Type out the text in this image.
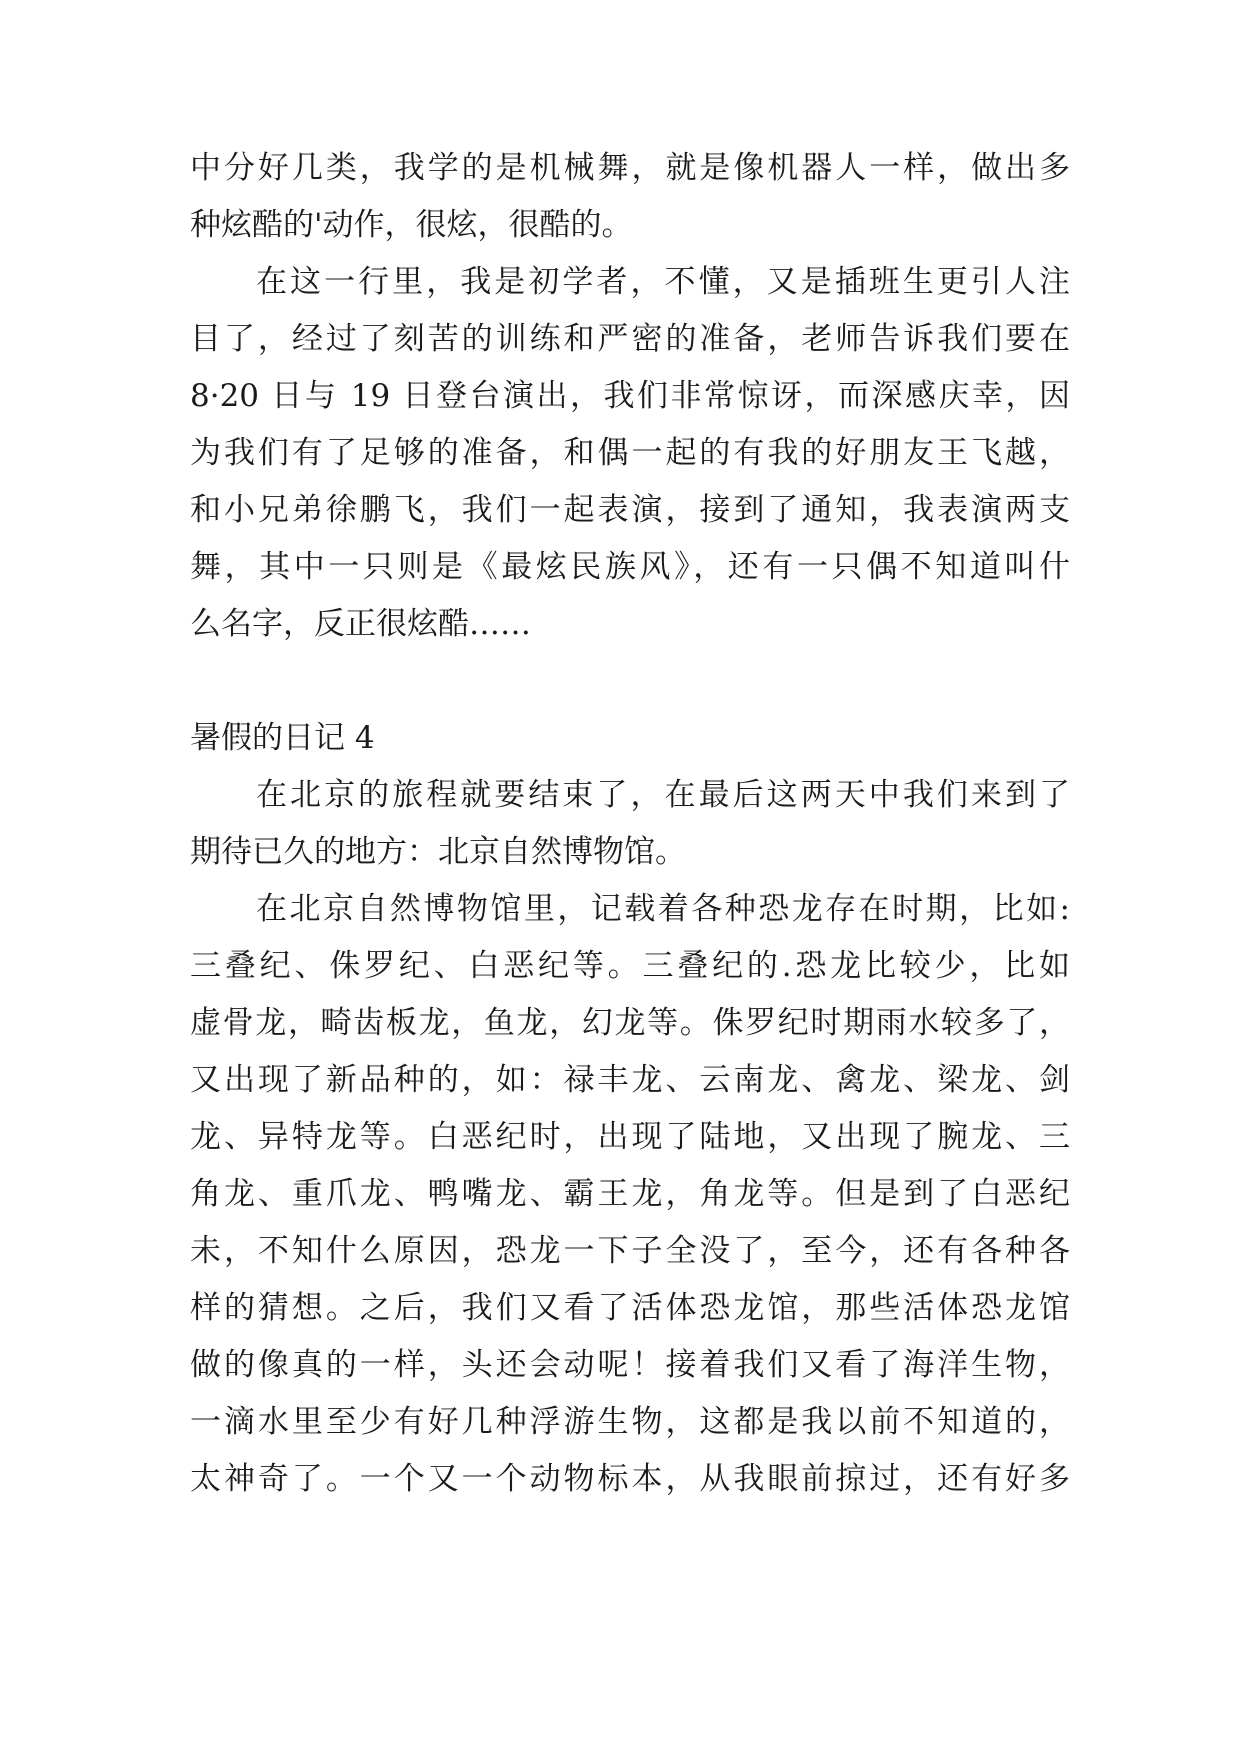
中分好几类，我学的是机械舞，就是像机器人一样，做出多
种炫酷的'动作，很炫，很酷的。
在这一行里，我是初学者，不懂，又是插班生更引人注
目了，经过了刻苦的训练和严密的准备，老师告诉我们要在
8·20 日与 19 日登台演出，我们非常惊讶，而深感庆幸，因
为我们有了足够的准备，和偶一起的有我的好朋友王飞越，
和小兄弟徐鹏飞，我们一起表演，接到了通知，我表演两支
舞，其中一只则是《最炫民族风》，还有一只偶不知道叫什
么名字，反正很炫酷……
暑假的日记 4
在北京的旅程就要结束了，在最后这两天中我们来到了
期待已久的地方：北京自然博物馆。
在北京自然博物馆里，记载着各种恐龙存在时期，比如:
三叠纪、侏罗纪、白恶纪等。三叠纪的.恐龙比较少，比如
虚骨龙，畸齿板龙，鱼龙，幻龙等。侏罗纪时期雨水较多了，
又出现了新品种的，如：禄丰龙、云南龙、禽龙、梁龙、剑
龙、异特龙等。白恶纪时，出现了陆地，又出现了腕龙、三
角龙、重爪龙、鸭嘴龙、霸王龙，角龙等。但是到了白恶纪
未，不知什么原因，恐龙一下子全没了，至今，还有各种各
样的猜想。之后，我们又看了活体恐龙馆，那些活体恐龙馆
做的像真的一样，头还会动呢！接着我们又看了海洋生物，
一滴水里至少有好几种浮游生物，这都是我以前不知道的，
太神奇了。一个又一个动物标本，从我眼前掠过，还有好多
